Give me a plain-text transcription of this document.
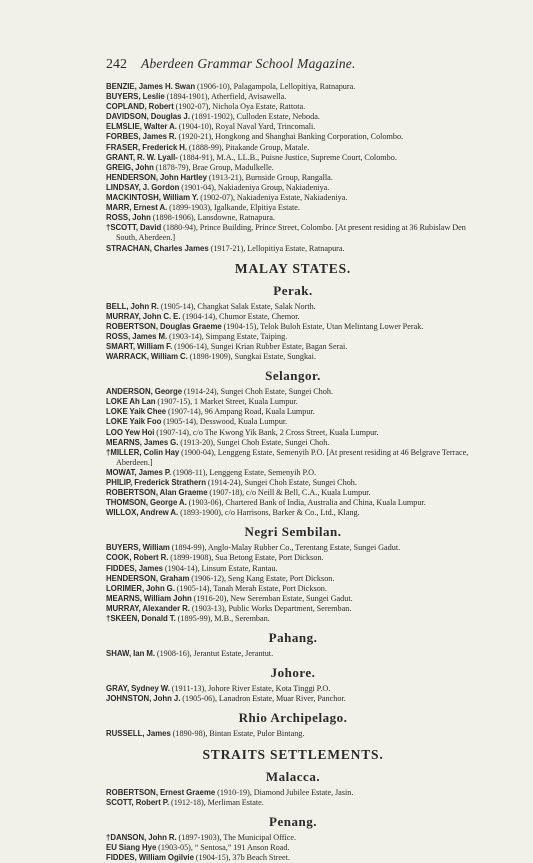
242 Aberdeen Grammar School Magazine.

BENZIE, James H. Swan (1906-10), Palagampola, Lellopitiya, Ratnapura.

BUYERS, Leslie (1894-1901), Atherfield, Avisawella.

COPLAND, Robert (1902-07), Nichola Oya Estate, Rattota.

DAVIDSON, Douglas J. (1891-1902), Culloden Estate, Neboda.

ELMSLIE, Walter A. (1904-10), Royal Naval Yard, Trincomali.

FORBES, James R. (1920-21), Hongkong and Shanghai Banking Corporation, Colombo.

FRASER, Frederick H. (1888-99), Pitakande Group, Matale.

GRANT, R. W. Lyall- (1884-91), M.A., LL.B., Puisne Justice, Supreme Court, Colombo.

GREIG, John (1878-79), Brae Group, Madulkelle.

HENDERSON, John Hartley (1913-21), Burnside Group, Rangalla.

LINDSAY, J. Gordon (1901-04), Nakiadeniya Group, Nakiadeniya.

MACKINTOSH, William Y. (1902-07), Nakiadeniya Estate, Nakiadeniya.

MARR, Ernest A. (1899-1903), Igalkande, Elpitiya Estate.

ROSS, John (1898-1906), Lansdowne, Ratnapura.

†SCOTT, David (1880-94), Prince Building, Prince Street, Colombo. [At present residing at 36 Rubislaw Den South, Aberdeen.]

STRACHAN, Charles James (1917-21), Lellopitiya Estate, Ratnapura.

MALAY STATES.
Perak.

BELL, John R. (1905-14), Changkat Salak Estate, Salak North.

MURRAY, John C. E. (1904-14), Chumor Estate, Chemor.

ROBERTSON, Douglas Graeme (1904-15), Telok Buloh Estate, Utan Melintang Lower Perak.

ROSS, James M. (1903-14), Simpang Estate, Taiping.

SMART, William F. (1906-14), Sungei Krian Rubber Estate, Bagan Serai.

WARRACK, William C. (1898-1909), Sungkai Estate, Sungkai.

Selangor.

ANDERSON, George (1914-24), Sungei Choh Estate, Sungei Choh.

LOKE Ah Lan (1907-15), 1 Market Street, Kuala Lumpur.

LOKE Yaik Chee (1907-14), 96 Ampang Road, Kuala Lumpur.

LOKE Yaik Foo (1905-14), Desswood, Kuala Lumpur.

LOO Yew Hoi (1907-14), c/o The Kwong Yik Bank, 2 Cross Street, Kuala Lumpur.

MEARNS, James G. (1913-20), Sungei Choh Estate, Sungei Choh.

†MILLER, Colin Hay (1900-04), Lenggeng Estate, Semenyih P.O. [At present residing at 46 Belgrave Terrace, Aberdeen.]

MOWAT, James P. (1908-11), Lenggeng Estate, Semenyih P.O.

PHILIP, Frederick Strathern (1914-24), Sungei Choh Estate, Sungei Choh.

ROBERTSON, Alan Graeme (1907-18), c/o Neill & Bell, C.A., Kuala Lumpur.

THOMSON, George A. (1903-06), Chartered Bank of India, Australia and China, Kuala Lumpur.

WILLOX, Andrew A. (1893-1900), c/o Harrisons, Barker & Co., Ltd., Klang.

Negri Sembilan.

BUYERS, William (1894-99), Anglo-Malay Rubber Co., Terentang Estate, Sungei Gadut.

COOK, Robert R. (1899-1908), Sua Betong Estate, Port Dickson.

FIDDES, James (1904-14), Linsum Estate, Rantau.

HENDERSON, Graham (1906-12), Seng Kang Estate, Port Dickson.

LORIMER, John G. (1905-14), Tanah Merah Estate, Port Dickson.

MEARNS, William John (1916-20), New Seremban Estate, Sungei Gadut.

MURRAY, Alexander R. (1903-13), Public Works Department, Seremban.

†SKEEN, Donald T. (1895-99), M.B., Seremban.

Pahang.

SHAW, Ian M. (1908-16), Jerantut Estate, Jerantut.

Johore.

GRAY, Sydney W. (1911-13), Johore River Estate, Kota Tinggi P.O.

JOHNSTON, John J. (1905-06), Lanadron Estate, Muar River, Panchor.

Rhio Archipelago.

RUSSELL, James (1890-98), Bintan Estate, Pulor Bintang.

STRAITS SETTLEMENTS.
Malacca.

ROBERTSON, Ernest Graeme (1910-19), Diamond Jubilee Estate, Jasin.

SCOTT, Robert P. (1912-18), Merliman Estate.

Penang.

†DANSON, John R. (1897-1903), The Municipal Office.

EU Siang Hye (1903-05), “ Sentosa,” 191 Anson Road.

FIDDES, William Ogilvie (1904-15), 37b Beach Street.
